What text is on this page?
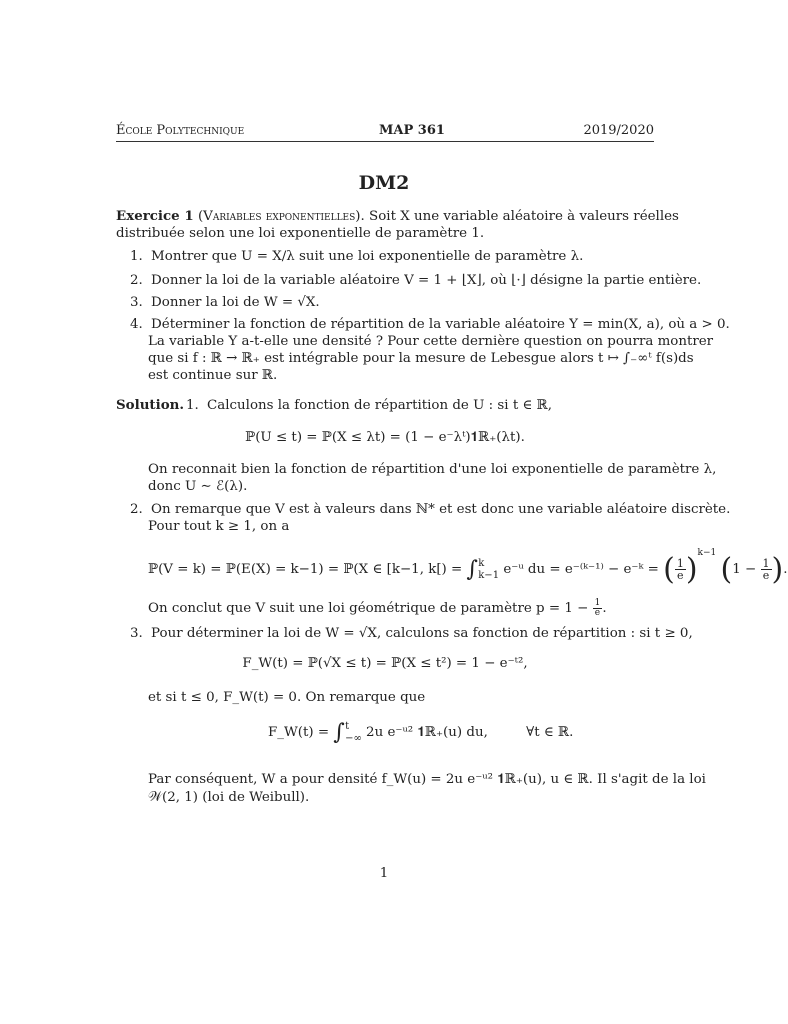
École Polytechnique	MAP 361	2019/2020
DM2
Exercice 1 (Variables exponentielles). Soit X une variable aléatoire à valeurs réelles
distribuée selon une loi exponentielle de paramètre 1.
1. Montrer que U = X/λ suit une loi exponentielle de paramètre λ.
2. Donner la loi de la variable aléatoire V = 1 + ⌊X⌋, où ⌊·⌋ désigne la partie entière.
3. Donner la loi de W = √X.
4. Déterminer la fonction de répartition de la variable aléatoire Y = min(X, a), où a > 0.
La variable Y a-t-elle une densité ? Pour cette dernière question on pourra montrer
que si f : ℝ → ℝ₊ est intégrable pour la mesure de Lebesgue alors t ↦ ∫₋∞ᵗ f(s)ds
est continue sur ℝ.
Solution. 1. Calculons la fonction de répartition de U : si t ∈ ℝ,
ℙ(U ≤ t) = ℙ(X ≤ λt) = (1 − e⁻λᵗ)𝟏ℝ₊(λt).
On reconnait bien la fonction de répartition d'une loi exponentielle de paramètre λ,
donc U ∼ ℰ(λ).
2. On remarque que V est à valeurs dans ℕ* et est donc une variable aléatoire discrète.
Pour tout k ≥ 1, on a
ℙ(V = k) = ℙ(E(X) = k−1) = ℙ(X ∈ [k−1, k[) = ∫ k
k−1 e⁻ᵘ du = e⁻⁽ᵏ⁻¹⁾ − e⁻ᵏ = ( $\frac{1}{e} )^{k-1}$ ($1 - \frac{1}{e}$ ).
On conclut que V suit une loi géométrique de paramètre $p = 1 - \frac{1}{e}$ .
3. Pour déterminer la loi de W = √X, calculons sa fonction de répartition : si t ≥ 0,
F_W(t) = ℙ(√X ≤ t) = ℙ(X ≤ t²) = 1 − e⁻ᵗ²,
et si t ≤ 0, F_W(t) = 0. On remarque que
F_W(t) = ∫ t
−∞ 2u e⁻ᵘ² 𝟏ℝ₊(u) du,	∀t ∈ ℝ.
Par conséquent, W a pour densité f_W(u) = 2u e⁻ᵘ² 𝟏ℝ₊(u), u ∈ ℝ. Il s'agit de la loi
𝒲(2, 1) (loi de Weibull).
1
